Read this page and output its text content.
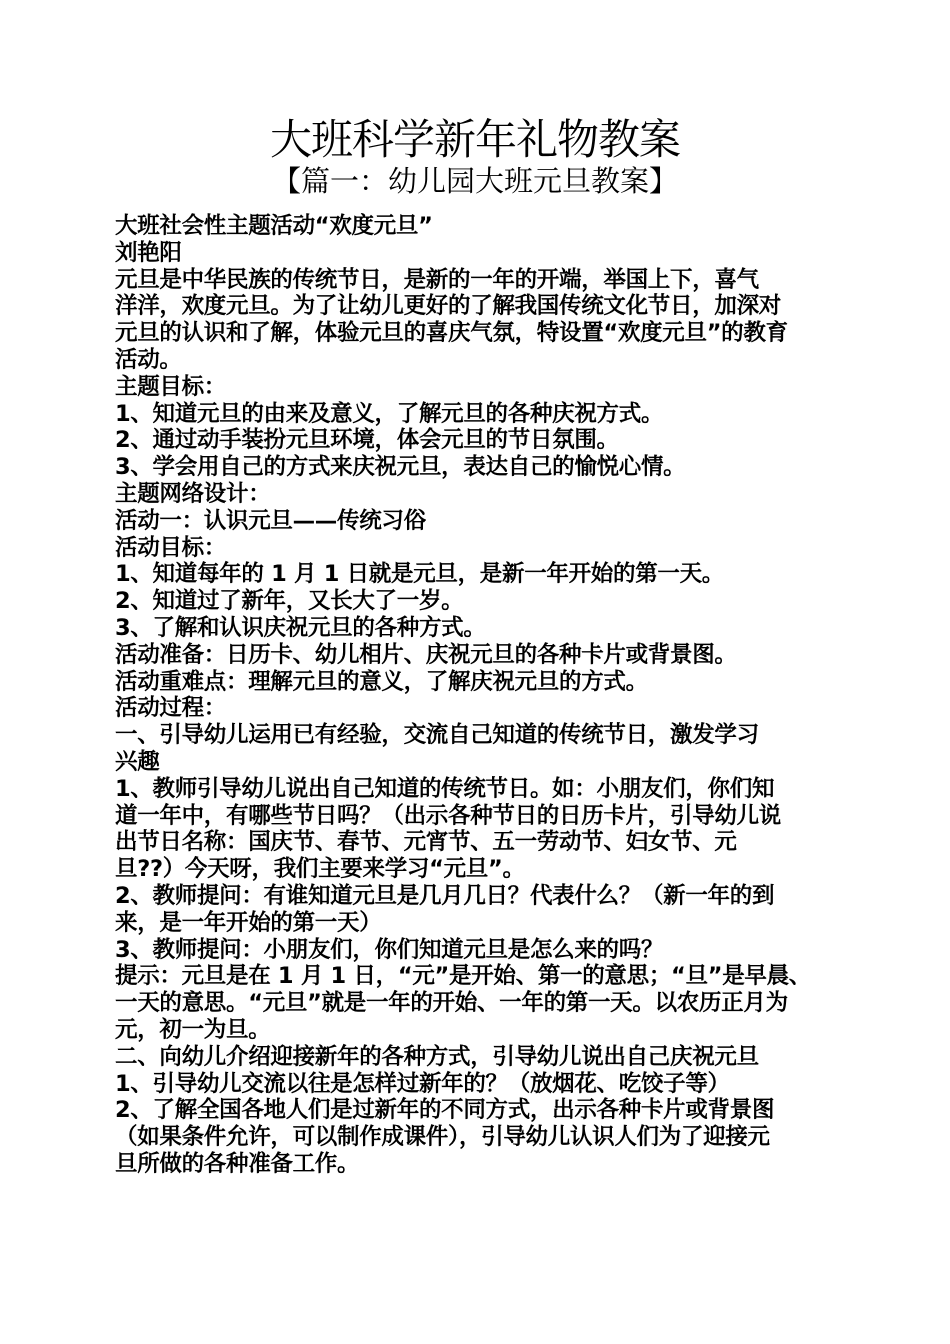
大班科学新年礼物教案
【篇一：幼儿园大班元旦教案】
大班社会性主题活动“欢度元旦”
刘艳阳
元旦是中华民族的传统节日，是新的一年的开端，举国上下，喜气
洋洋，欢度元旦。为了让幼儿更好的了解我国传统文化节日，加深对
元旦的认识和了解，体验元旦的喜庆气氛，特设置“欢度元旦”的教育
活动。
主题目标：
1、知道元旦的由来及意义，了解元旦的各种庆祝方式。
2、通过动手装扮元旦环境，体会元旦的节日氛围。
3、学会用自己的方式来庆祝元旦，表达自己的愉悦心情。
主题网络设计：
活动一：认识元旦——传统习俗
活动目标：
1、知道每年的 1 月 1 日就是元旦，是新一年开始的第一天。
2、知道过了新年，又长大了一岁。
3、了解和认识庆祝元旦的各种方式。
活动准备：日历卡、幼儿相片、庆祝元旦的各种卡片或背景图。
活动重难点：理解元旦的意义，了解庆祝元旦的方式。
活动过程：
一、引导幼儿运用已有经验，交流自己知道的传统节日，激发学习
兴趣
1、教师引导幼儿说出自己知道的传统节日。如：小朋友们，你们知
道一年中，有哪些节日吗？（出示各种节日的日历卡片，引导幼儿说
出节日名称：国庆节、春节、元宵节、五一劳动节、妇女节、元
旦??）今天呀，我们主要来学习“元旦”。
2、教师提问：有谁知道元旦是几月几日？代表什么？（新一年的到
来，是一年开始的第一天）
3、教师提问：小朋友们，你们知道元旦是怎么来的吗？
提示：元旦是在 1 月 1 日，“元”是开始、第一的意思；“旦”是早晨、
一天的意思。“元旦”就是一年的开始、一年的第一天。以农历正月为
元，初一为旦。
二、向幼儿介绍迎接新年的各种方式，引导幼儿说出自己庆祝元旦
1、引导幼儿交流以往是怎样过新年的？（放烟花、吃饺子等）
2、了解全国各地人们是过新年的不同方式，出示各种卡片或背景图
（如果条件允许，可以制作成课件），引导幼儿认识人们为了迎接元
旦所做的各种准备工作。
